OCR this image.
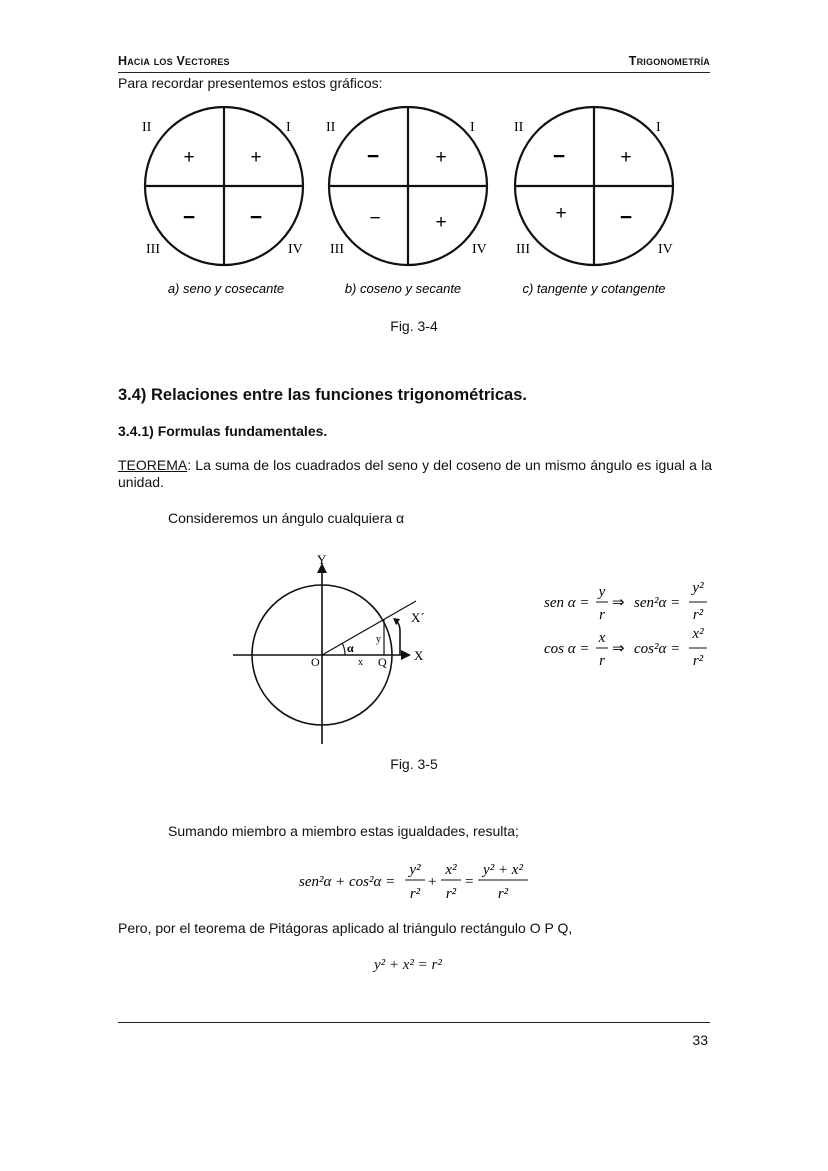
Hacia los Vectores	Trigonometría
Para recordar presentemos estos gráficos:
II	I
III	IV
+
+
−	−
II	I
III	IV
+
−
−	+
II	I
III	IV
+
−
+	−
a) seno y cosecante	b) coseno y secante	c) tangente y cotangente
Fig. 3-4
3.4) Relaciones entre las funciones trigonométricas.
3.4.1) Formulas fundamentales.
TEOREMA: La suma de los cuadrados del seno y del coseno de un mismo ángulo es igual a la unidad.
Consideremos un ángulo cualquiera α
Y
X
X´
O	Q
x
y
α
sen α =
y
r
⇒ sen²α =
y²
r²
cos α =
x
r
⇒ cos²α =
x²
r²
Fig. 3-5
Sumando miembro a miembro estas igualdades, resulta;
sen²α + cos²α =
y²
r²
+
x²
r²
=
y² + x²
r²
Pero, por el teorema de Pitágoras aplicado al triángulo rectángulo O P Q,
y² + x² = r²
33
